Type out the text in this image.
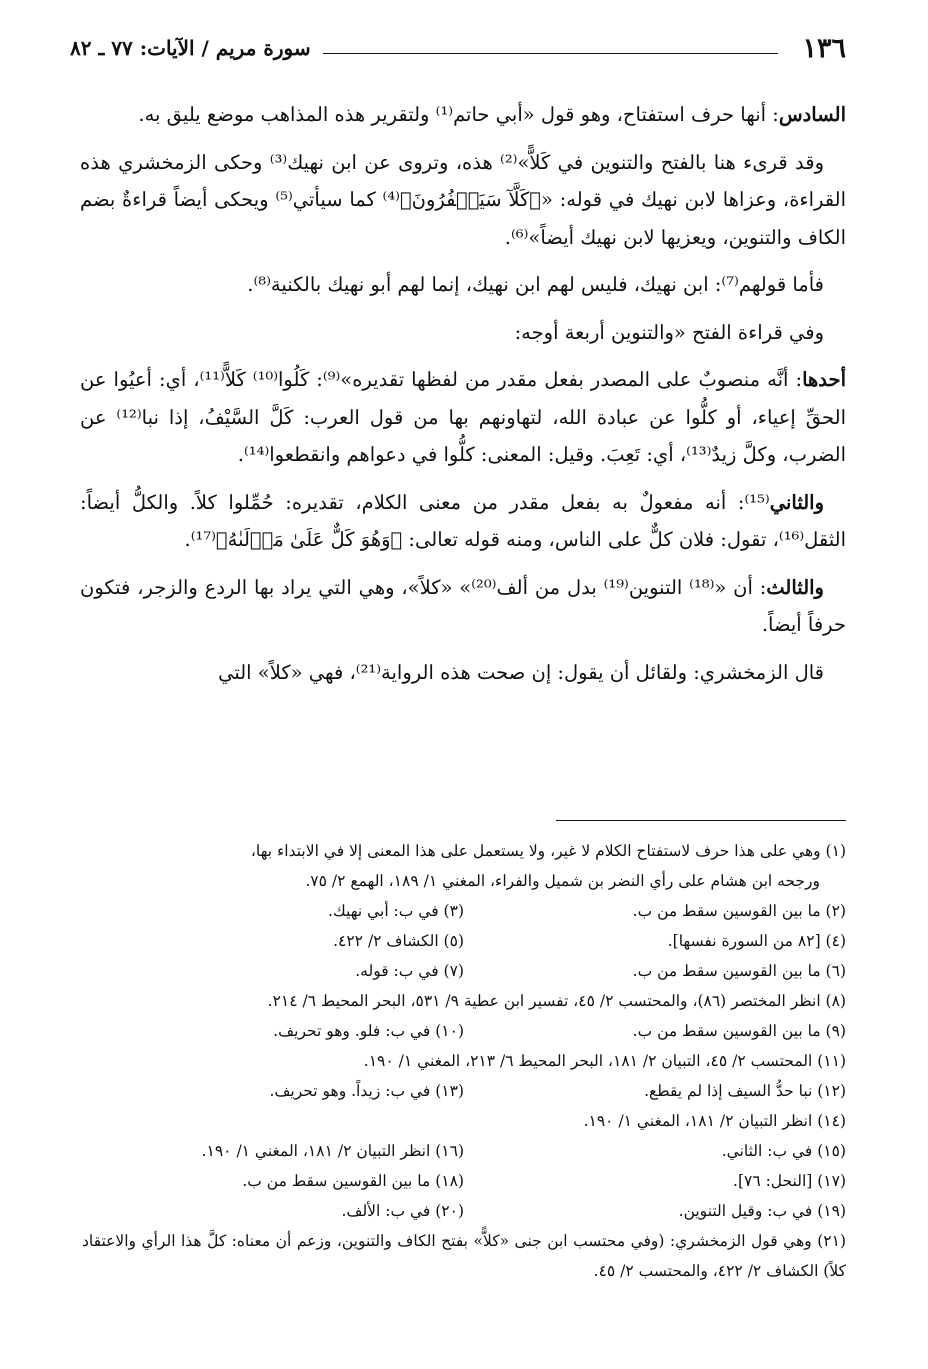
١٣٦
سورة مريم / الآيات: ٧٧ ـ ٨٢

السادس: أنها حرف استفتاح، وهو قول «أبي حاتم⁽¹⁾ ولتقرير هذه المذاهب موضع يليق به.

وقد قرىء هنا بالفتح والتنوين في كَلاًّ»⁽²⁾ هذه، وتروى عن ابن نهيك⁽³⁾ وحكى الزمخشري هذه القراءة، وعزاها لابن نهيك في قوله: «﴿كَلَّآ سَيَكۡفُرُونَ﴾⁽⁴⁾ كما سيأتي⁽⁵⁾ ويحكى أيضاً قراءةٌ بضم الكاف والتنوين، ويعزيها لابن نهيك أيضاً»⁽⁶⁾.

فأما قولهم⁽⁷⁾: ابن نهيك، فليس لهم ابن نهيك، إنما لهم أبو نهيك بالكنية⁽⁸⁾.

وفي قراءة الفتح «والتنوين أربعة أوجه:

أحدها: أنَّه منصوبٌ على المصدر بفعل مقدر من لفظها تقديره»⁽⁹⁾: كَلُوا⁽¹⁰⁾ كَلاًّ⁽¹¹⁾، أي: أعيُوا عن الحقِّ إعياء، أو كلُّوا عن عبادة الله، لتهاونهم بها من قول العرب: كَلَّ السَّيْفُ، إذا نبا⁽¹²⁾ عن الضرب، وكلَّ زيدٌ⁽¹³⁾، أي: تَعِبَ. وقيل: المعنى: كلُّوا في دعواهم وانقطعوا⁽¹⁴⁾.

والثاني⁽¹⁵⁾: أنه مفعولٌ به بفعل مقدر من معنى الكلام، تقديره: حُمِّلوا كلاً. والكلُّ أيضاً: الثقل⁽¹⁶⁾، تقول: فلان كلٌّ على الناس، ومنه قوله تعالى: ﴿وَهُوَ كَلٌّ عَلَىٰ مَوۡلَىٰهُ﴾⁽¹⁷⁾.

والثالث: أن «⁽¹⁸⁾ التنوين⁽¹⁹⁾ بدل من ألف⁽²⁰⁾» «كلاً»، وهي التي يراد بها الردع والزجر، فتكون حرفاً أيضاً.

قال الزمخشري: ولقائل أن يقول: إن صحت هذه الرواية⁽²¹⁾، فهي «كلاً» التي

(١) وهي على هذا حرف لاستفتاح الكلام لا غير، ولا يستعمل على هذا المعنى إلا في الابتداء بها،
ورجحه ابن هشام على رأي النضر بن شميل والفراء، المغني ١/ ١٨٩، الهمع ٢/ ٧٥.
(٢) ما بين القوسين سقط من ب.
(٣) في ب: أبي نهيك.
(٤) [٨٢ من السورة نفسها].
(٥) الكشاف ٢/ ٤٢٢.
(٦) ما بين القوسين سقط من ب.
(٧) في ب: قوله.
(٨) انظر المختصر (٨٦)، والمحتسب ٢/ ٤٥، تفسير ابن عطية ٩/ ٥٣١، البحر المحيط ٦/ ٢١٤.
(٩) ما بين القوسين سقط من ب.
(١٠) في ب: فلو. وهو تحريف.
(١١) المحتسب ٢/ ٤٥، التبيان ٢/ ١٨١، البحر المحيط ٦/ ٢١٣، المغني ١/ ١٩٠.
(١٢) نبا حدُّ السيف إذا لم يقطع.
(١٣) في ب: زيداً. وهو تحريف.
(١٤) انظر التبيان ٢/ ١٨١، المغني ١/ ١٩٠.
(١٥) في ب: الثاني.
(١٦) انظر التبيان ٢/ ١٨١، المغني ١/ ١٩٠.
(١٧) [النحل: ٧٦].
(١٨) ما بين القوسين سقط من ب.
(١٩) في ب: وقيل التنوين.
(٢٠) في ب: الألف.
(٢١) وهي قول الزمخشري: (وفي محتسب ابن جنى «كلاًّ» بفتح الكاف والتنوين، وزعم أن معناه: كلَّ هذا الرأي والاعتقاد كلاً) الكشاف ٢/ ٤٢٢، والمحتسب ٢/ ٤٥.
